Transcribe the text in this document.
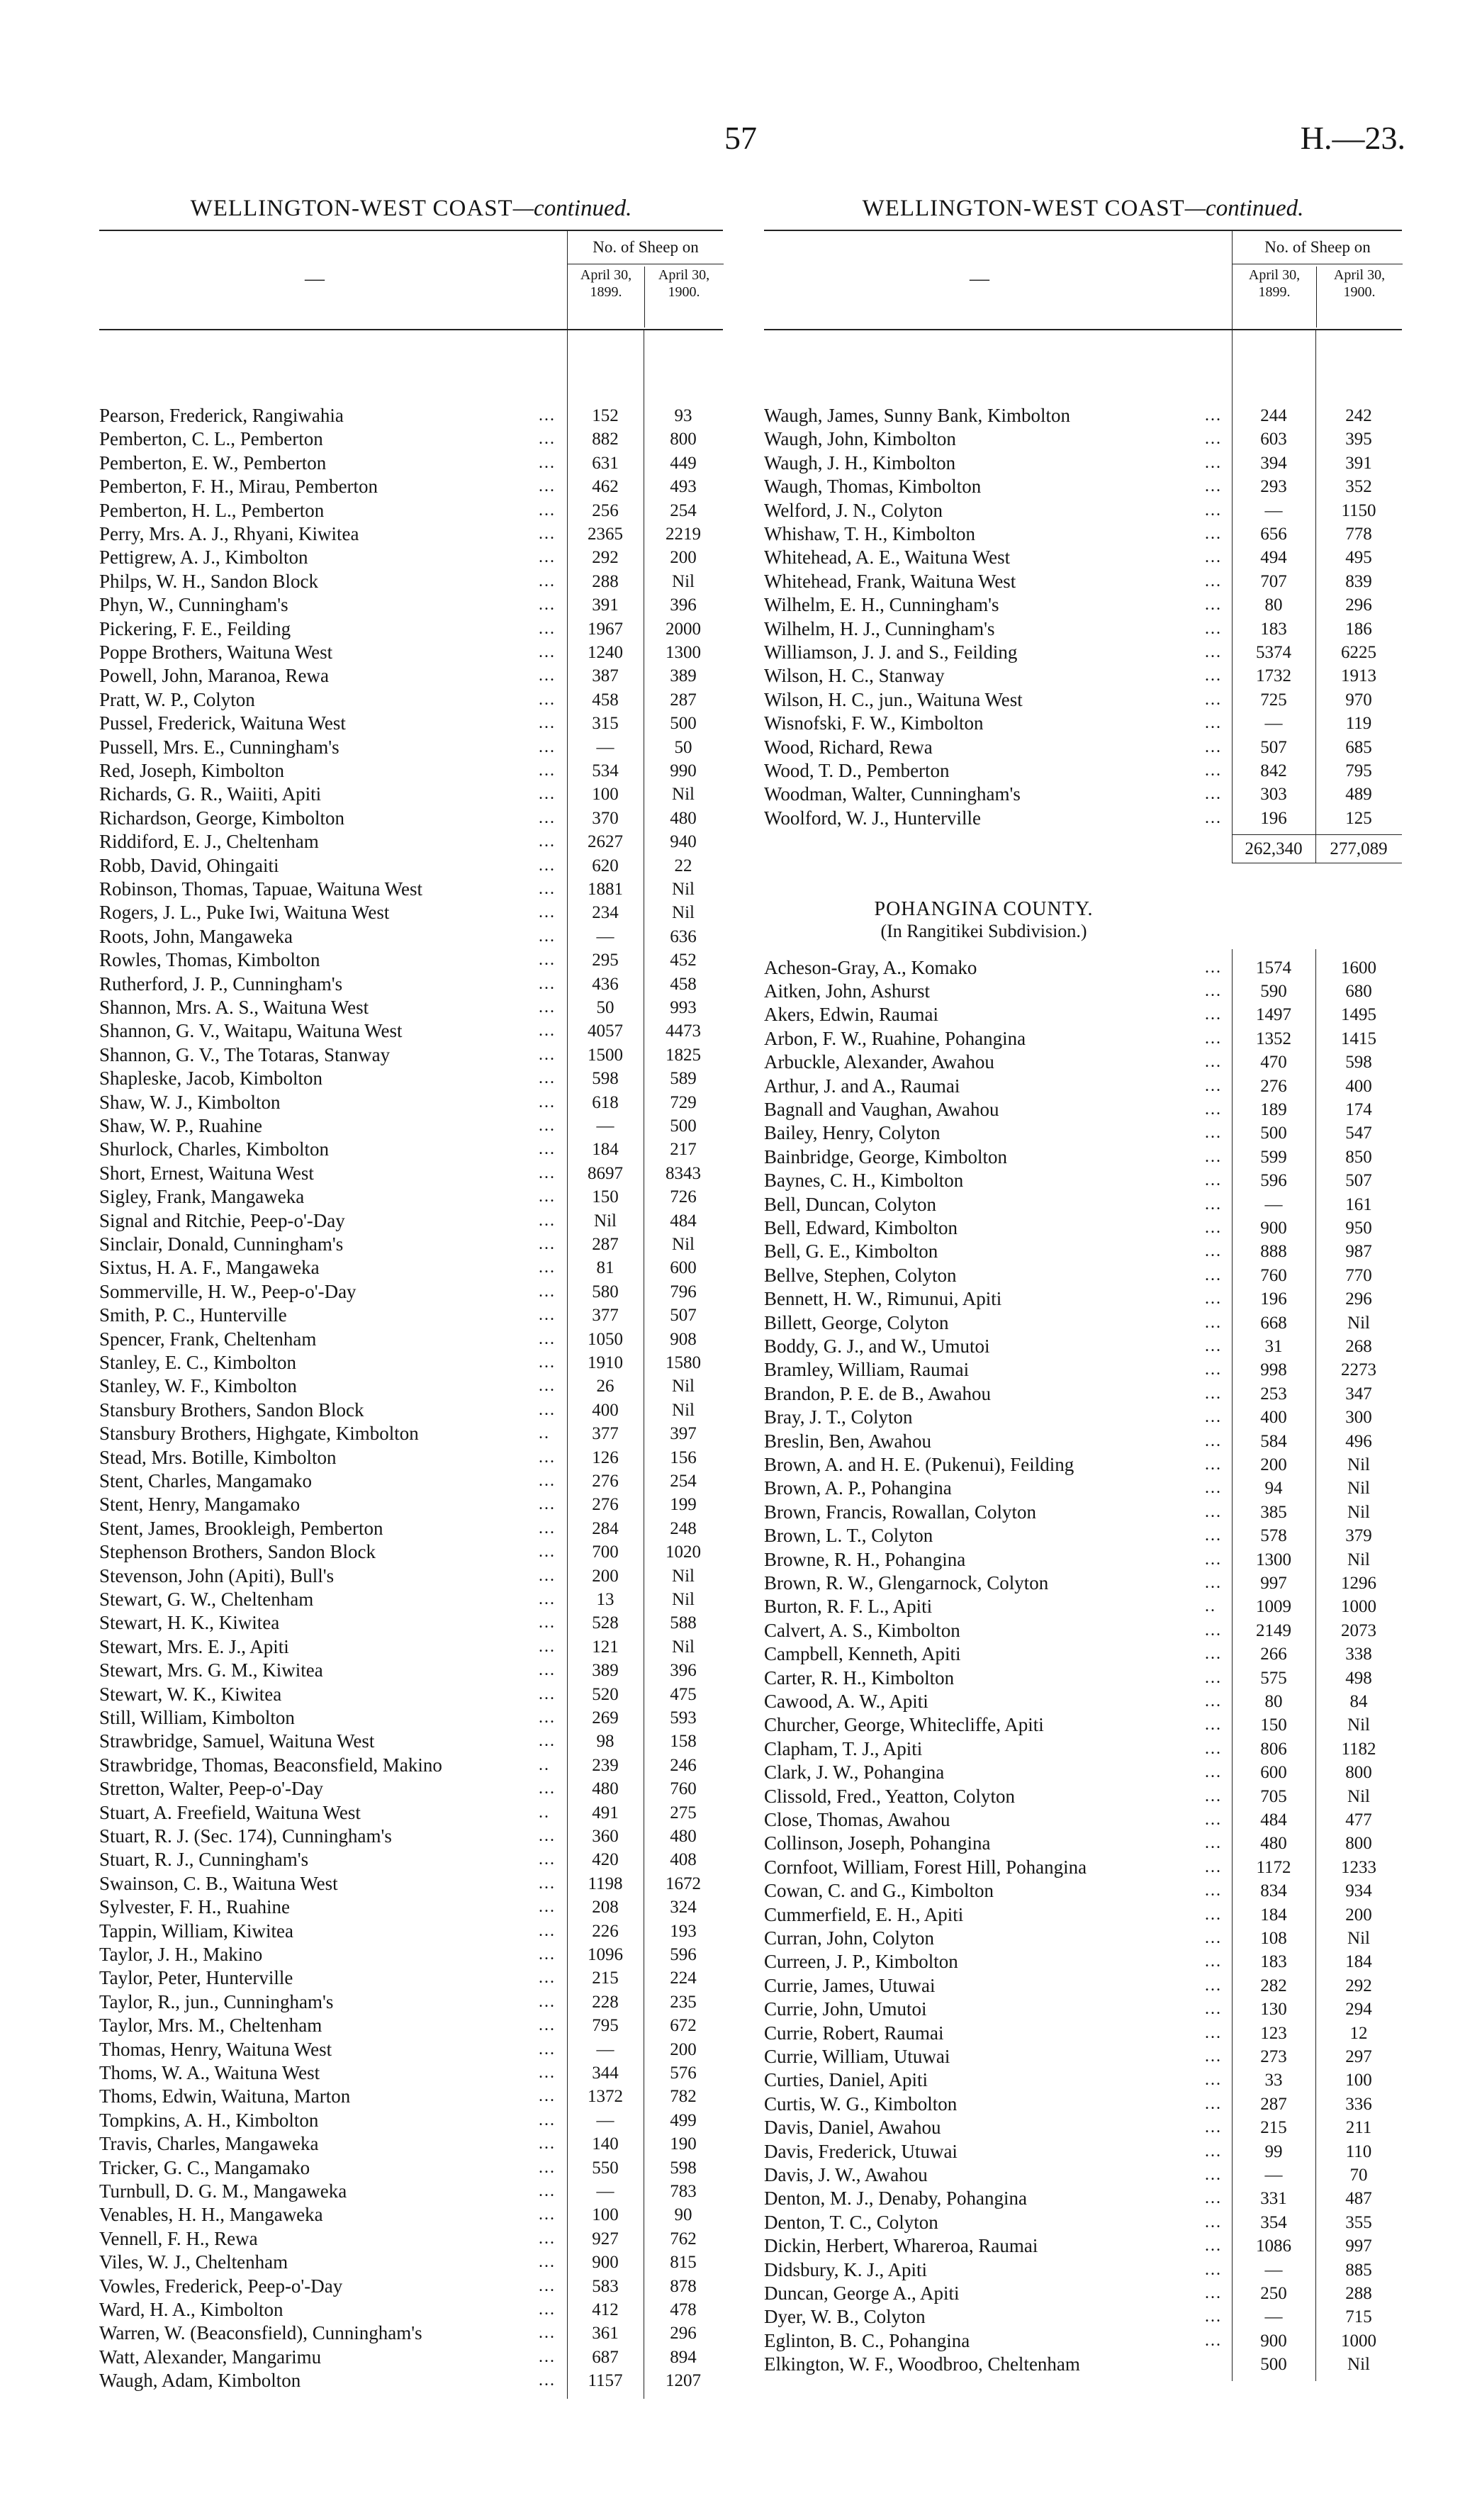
57	H.—23.
WELLINGTON-WEST COAST—continued.
—
No. of Sheep on
April 30,
1899.
April 30,
1900.
Pearson, Frederick, Rangiwahia	...	152	93
Pemberton, C. L., Pemberton	...	882	800
Pemberton, E. W., Pemberton	...	631	449
Pemberton, F. H., Mirau, Pemberton	...	462	493
Pemberton, H. L., Pemberton	...	256	254
Perry, Mrs. A. J., Rhyani, Kiwitea	...	2365	2219
Pettigrew, A. J., Kimbolton	...	292	200
Philps, W. H., Sandon Block	...	288	Nil
Phyn, W., Cunningham's	...	391	396
Pickering, F. E., Feilding	...	1967	2000
Poppe Brothers, Waituna West	...	1240	1300
Powell, John, Maranoa, Rewa	...	387	389
Pratt, W. P., Colyton	...	458	287
Pussel, Frederick, Waituna West	...	315	500
Pussell, Mrs. E., Cunningham's	...	—	50
Red, Joseph, Kimbolton	...	534	990
Richards, G. R., Waiiti, Apiti	...	100	Nil
Richardson, George, Kimbolton	...	370	480
Riddiford, E. J., Cheltenham	...	2627	940
Robb, David, Ohingaiti	...	620	22
Robinson, Thomas, Tapuae, Waituna West	...	1881	Nil
Rogers, J. L., Puke Iwi, Waituna West	...	234	Nil
Roots, John, Mangaweka	...	—	636
Rowles, Thomas, Kimbolton	...	295	452
Rutherford, J. P., Cunningham's	...	436	458
Shannon, Mrs. A. S., Waituna West	...	50	993
Shannon, G. V., Waitapu, Waituna West	...	4057	4473
Shannon, G. V., The Totaras, Stanway	...	1500	1825
Shapleske, Jacob, Kimbolton	...	598	589
Shaw, W. J., Kimbolton	...	618	729
Shaw, W. P., Ruahine	...	—	500
Shurlock, Charles, Kimbolton	...	184	217
Short, Ernest, Waituna West	...	8697	8343
Sigley, Frank, Mangaweka	...	150	726
Signal and Ritchie, Peep-o'-Day	...	Nil	484
Sinclair, Donald, Cunningham's	...	287	Nil
Sixtus, H. A. F., Mangaweka	...	81	600
Sommerville, H. W., Peep-o'-Day	...	580	796
Smith, P. C., Hunterville	...	377	507
Spencer, Frank, Cheltenham	...	1050	908
Stanley, E. C., Kimbolton	...	1910	1580
Stanley, W. F., Kimbolton	...	26	Nil
Stansbury Brothers, Sandon Block	...	400	Nil
Stansbury Brothers, Highgate, Kimbolton	..	377	397
Stead, Mrs. Botille, Kimbolton	...	126	156
Stent, Charles, Mangamako	...	276	254
Stent, Henry, Mangamako	...	276	199
Stent, James, Brookleigh, Pemberton	...	284	248
Stephenson Brothers, Sandon Block	...	700	1020
Stevenson, John (Apiti), Bull's	...	200	Nil
Stewart, G. W., Cheltenham	...	13	Nil
Stewart, H. K., Kiwitea	...	528	588
Stewart, Mrs. E. J., Apiti	...	121	Nil
Stewart, Mrs. G. M., Kiwitea	...	389	396
Stewart, W. K., Kiwitea	...	520	475
Still, William, Kimbolton	...	269	593
Strawbridge, Samuel, Waituna West	...	98	158
Strawbridge, Thomas, Beaconsfield, Makino	..	239	246
Stretton, Walter, Peep-o'-Day	...	480	760
Stuart, A. Freefield, Waituna West	..	491	275
Stuart, R. J. (Sec. 174), Cunningham's	...	360	480
Stuart, R. J., Cunningham's	...	420	408
Swainson, C. B., Waituna West	...	1198	1672
Sylvester, F. H., Ruahine	...	208	324
Tappin, William, Kiwitea	...	226	193
Taylor, J. H., Makino	...	1096	596
Taylor, Peter, Hunterville	...	215	224
Taylor, R., jun., Cunningham's	...	228	235
Taylor, Mrs. M., Cheltenham	...	795	672
Thomas, Henry, Waituna West	...	—	200
Thoms, W. A., Waituna West	...	344	576
Thoms, Edwin, Waituna, Marton	...	1372	782
Tompkins, A. H., Kimbolton	...	—	499
Travis, Charles, Mangaweka	...	140	190
Tricker, G. C., Mangamako	...	550	598
Turnbull, D. G. M., Mangaweka	...	—	783
Venables, H. H., Mangaweka	...	100	90
Vennell, F. H., Rewa	...	927	762
Viles, W. J., Cheltenham	...	900	815
Vowles, Frederick, Peep-o'-Day	...	583	878
Ward, H. A., Kimbolton	...	412	478
Warren, W. (Beaconsfield), Cunningham's	...	361	296
Watt, Alexander, Mangarimu	...	687	894
Waugh, Adam, Kimbolton	...	1157	1207
WELLINGTON-WEST COAST—continued.
—
No. of Sheep on
April 30,
1899.
April 30,
1900.
Waugh, James, Sunny Bank, Kimbolton	...	244	242
Waugh, John, Kimbolton	...	603	395
Waugh, J. H., Kimbolton	...	394	391
Waugh, Thomas, Kimbolton	...	293	352
Welford, J. N., Colyton	...	—	1150
Whishaw, T. H., Kimbolton	...	656	778
Whitehead, A. E., Waituna West	...	494	495
Whitehead, Frank, Waituna West	...	707	839
Wilhelm, E. H., Cunningham's	...	80	296
Wilhelm, H. J., Cunningham's	...	183	186
Williamson, J. J. and S., Feilding	...	5374	6225
Wilson, H. C., Stanway	...	1732	1913
Wilson, H. C., jun., Waituna West	...	725	970
Wisnofski, F. W., Kimbolton	...	—	119
Wood, Richard, Rewa	...	507	685
Wood, T. D., Pemberton	...	842	795
Woodman, Walter, Cunningham's	...	303	489
Woolford, W. J., Hunterville	...	196	125
262,340	277,089
POHANGINA COUNTY.
(In Rangitikei Subdivision.)
Acheson-Gray, A., Komako	...	1574	1600
Aitken, John, Ashurst	...	590	680
Akers, Edwin, Raumai	...	1497	1495
Arbon, F. W., Ruahine, Pohangina	...	1352	1415
Arbuckle, Alexander, Awahou	...	470	598
Arthur, J. and A., Raumai	...	276	400
Bagnall and Vaughan, Awahou	...	189	174
Bailey, Henry, Colyton	...	500	547
Bainbridge, George, Kimbolton	...	599	850
Baynes, C. H., Kimbolton	...	596	507
Bell, Duncan, Colyton	...	—	161
Bell, Edward, Kimbolton	...	900	950
Bell, G. E., Kimbolton	...	888	987
Bellve, Stephen, Colyton	...	760	770
Bennett, H. W., Rimunui, Apiti	...	196	296
Billett, George, Colyton	...	668	Nil
Boddy, G. J., and W., Umutoi	...	31	268
Bramley, William, Raumai	...	998	2273
Brandon, P. E. de B., Awahou	...	253	347
Bray, J. T., Colyton	...	400	300
Breslin, Ben, Awahou	...	584	496
Brown, A. and H. E. (Pukenui), Feilding	...	200	Nil
Brown, A. P., Pohangina	...	94	Nil
Brown, Francis, Rowallan, Colyton	...	385	Nil
Brown, L. T., Colyton	...	578	379
Browne, R. H., Pohangina	...	1300	Nil
Brown, R. W., Glengarnock, Colyton	...	997	1296
Burton, R. F. L., Apiti	..	1009	1000
Calvert, A. S., Kimbolton	...	2149	2073
Campbell, Kenneth, Apiti	...	266	338
Carter, R. H., Kimbolton	...	575	498
Cawood, A. W., Apiti	...	80	84
Churcher, George, Whitecliffe, Apiti	...	150	Nil
Clapham, T. J., Apiti	...	806	1182
Clark, J. W., Pohangina	...	600	800
Clissold, Fred., Yeatton, Colyton	...	705	Nil
Close, Thomas, Awahou	...	484	477
Collinson, Joseph, Pohangina	...	480	800
Cornfoot, William, Forest Hill, Pohangina	...	1172	1233
Cowan, C. and G., Kimbolton	...	834	934
Cummerfield, E. H., Apiti	...	184	200
Curran, John, Colyton	...	108	Nil
Curreen, J. P., Kimbolton	...	183	184
Currie, James, Utuwai	...	282	292
Currie, John, Umutoi	...	130	294
Currie, Robert, Raumai	...	123	12
Currie, William, Utuwai	...	273	297
Curties, Daniel, Apiti	...	33	100
Curtis, W. G., Kimbolton	...	287	336
Davis, Daniel, Awahou	...	215	211
Davis, Frederick, Utuwai	...	99	110
Davis, J. W., Awahou	...	—	70
Denton, M. J., Denaby, Pohangina	...	331	487
Denton, T. C., Colyton	...	354	355
Dickin, Herbert, Whareroa, Raumai	...	1086	997
Didsbury, K. J., Apiti	...	—	885
Duncan, George A., Apiti	...	250	288
Dyer, W. B., Colyton	...	—	715
Eglinton, B. C., Pohangina	...	900	1000
Elkington, W. F., Woodbroo, Cheltenham	500	Nil
